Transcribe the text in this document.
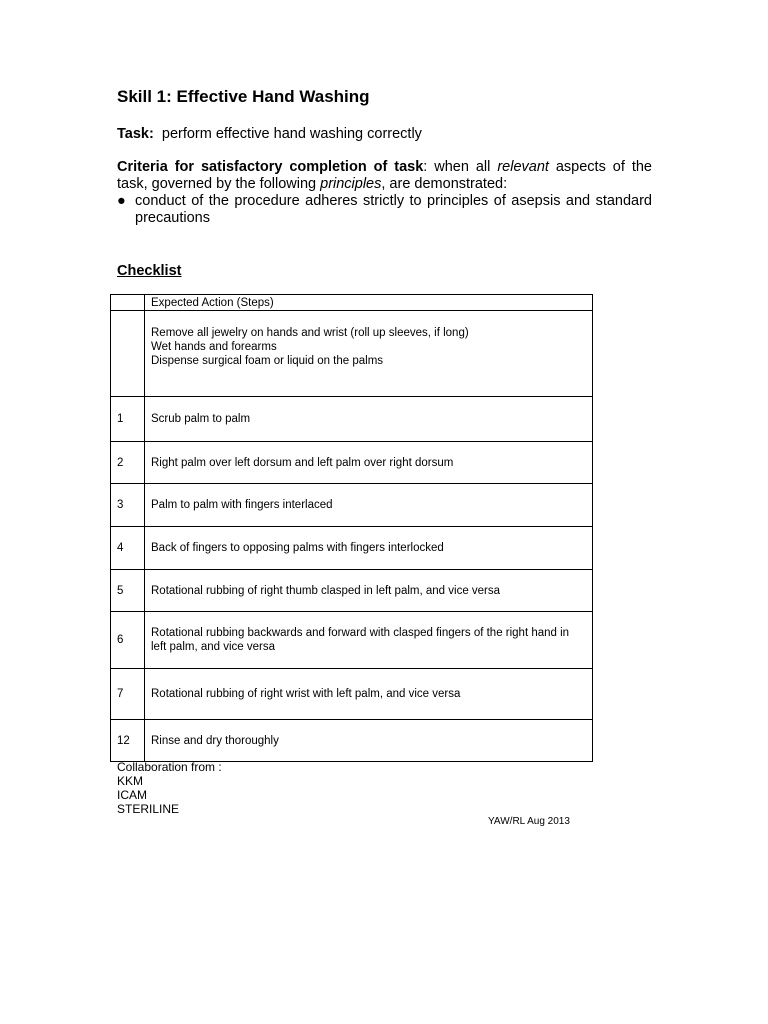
Skill 1: Effective Hand Washing
Task: perform effective hand washing correctly
Criteria for satisfactory completion of task: when all relevant aspects of the task, governed by the following principles, are demonstrated:
● conduct of the procedure adheres strictly to principles of asepsis and standard precautions
Checklist
	Expected Action (Steps)

	Remove all jewelry on hands and wrist (roll up sleeves, if long)
Wet hands and forearms
Dispense surgical foam or liquid on the palms

1	Scrub palm to palm
2	Right palm over left dorsum and left palm over right dorsum
3	Palm to palm with fingers interlaced
4	Back of fingers to opposing palms with fingers interlocked
5	Rotational rubbing of right thumb clasped in left palm, and vice versa
6	Rotational rubbing backwards and forward with clasped fingers of the right hand in left palm, and vice versa
7	Rotational rubbing of right wrist with left palm, and vice versa
12	Rinse and dry thoroughly
Collaboration from :
KKM
ICAM
STERILINE
YAW/RL Aug 2013
